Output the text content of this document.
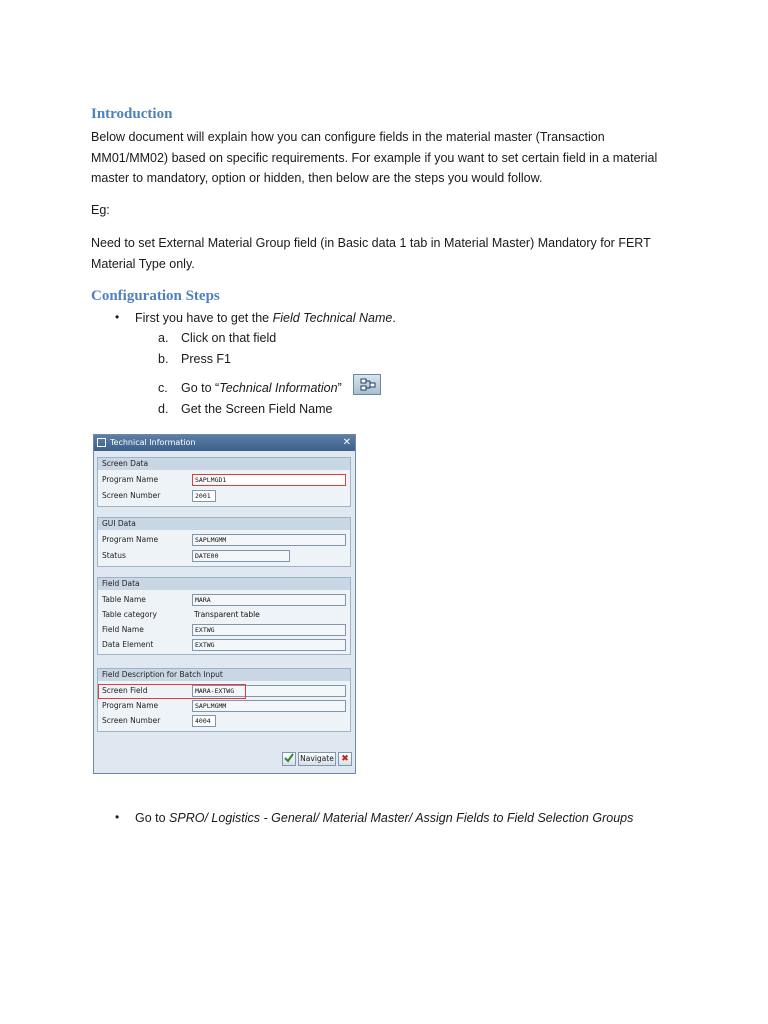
Introduction
Below document will explain how you can configure fields in the material master (Transaction
MM01/MM02) based on specific requirements. For example if you want to set certain field in a material
master to mandatory, option or hidden, then below are the steps you would follow.
Eg:
Need to set External Material Group field (in Basic data 1 tab in Material Master) Mandatory for FERT
Material Type only.
Configuration Steps
• First you have to get the Field Technical Name.
a. Click on that field
b. Press F1
c. Go to “Technical Information”
d. Get the Screen Field Name
Technical Information	✕
Screen Data
Program Name	SAPLMGD1
Screen Number	2001
GUI Data
Program Name	SAPLMGMM
Status	DATE00
Field Data
Table Name	MARA
Table category	Transparent table
Field Name	EXTWG
Data Element	EXTWG
Field Description for Batch Input
Screen Field	MARA-EXTWG
Program Name	SAPLMGMM
Screen Number	4004
Navigate ✖
• Go to SPRO/ Logistics - General/ Material Master/ Assign Fields to Field Selection Groups
